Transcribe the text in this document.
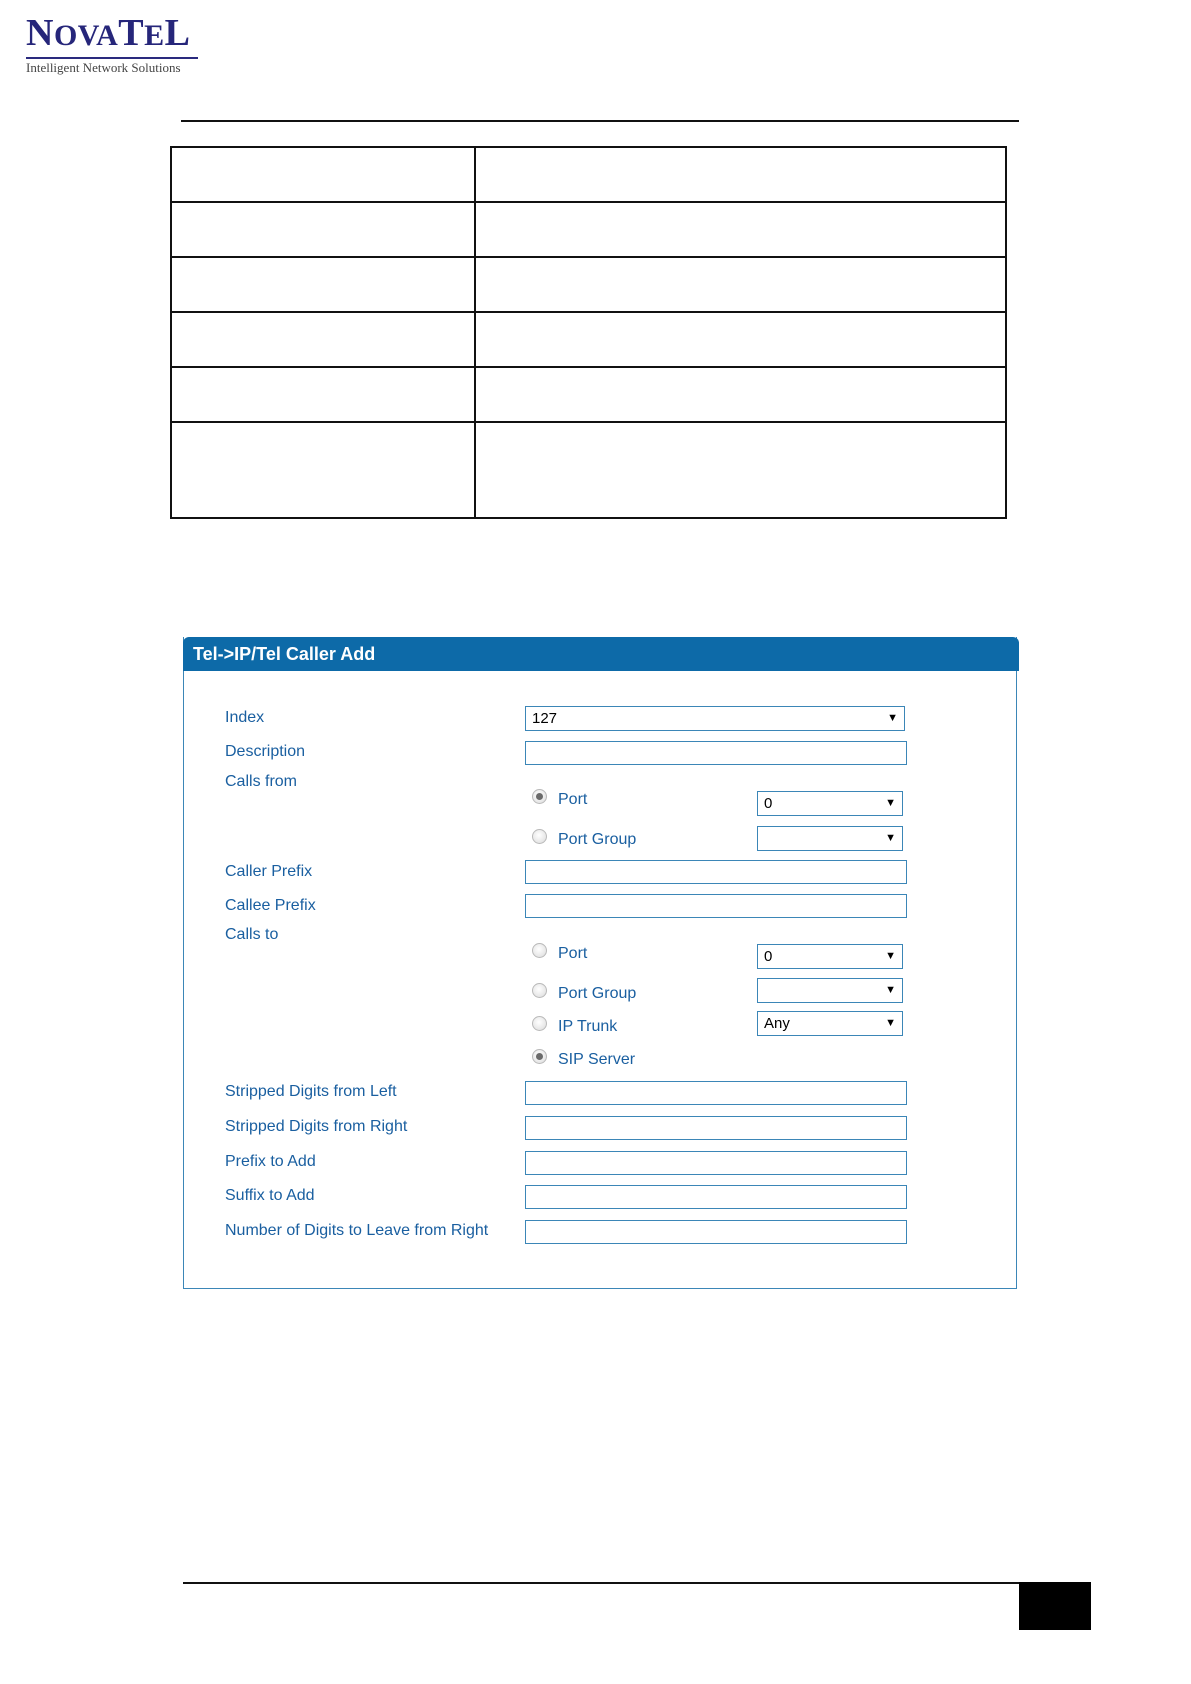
NOVATEL
Intelligent Network Solutions

Tel->IP/Tel Caller Add
Index	127	▼
Description
Calls from
Port	0	▼
Port Group	▼
Caller Prefix
Callee Prefix
Calls to
Port	0	▼
Port Group	▼
IP Trunk	Any	▼
SIP Server
Stripped Digits from Left
Stripped Digits from Right
Prefix to Add
Suffix to Add
Number of Digits to Leave from Right
